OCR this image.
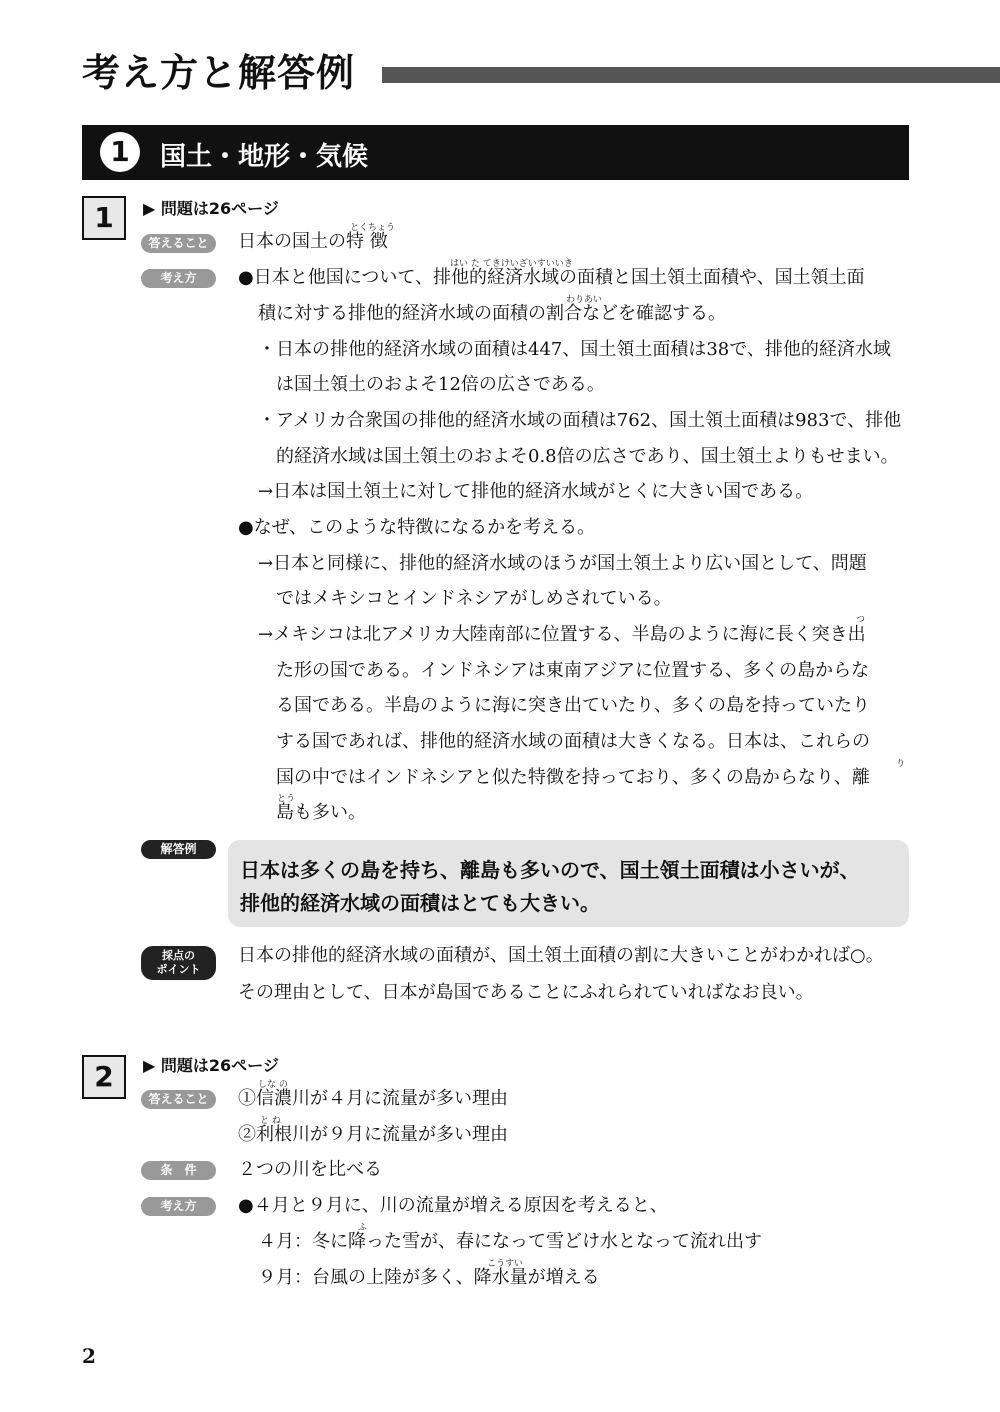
考え方と解答例
1	国土・地形・気候
1	▶ 問題は26ページ
答えること
とくちょう
日本の国土の特 徴
考え方
はい た てきけいざいすいいき
●日本と他国について、排他的経済水域の面積と国土領土面積や、国土領土面
わりあい
積に対する排他的経済水域の面積の割合などを確認する。
・日本の排他的経済水域の面積は447、国土領土面積は38で、排他的経済水域
は国土領土のおよそ12倍の広さである。
・アメリカ合衆国の排他的経済水域の面積は762、国土領土面積は983で、排他
的経済水域は国土領土のおよそ0.8倍の広さであり、国土領土よりもせまい。
→日本は国土領土に対して排他的経済水域がとくに大きい国である。
●なぜ、このような特徴になるかを考える。
→日本と同様に、排他的経済水域のほうが国土領土より広い国として、問題
ではメキシコとインドネシアがしめされている。
つ
→メキシコは北アメリカ大陸南部に位置する、半島のように海に長く突き出
た形の国である。インドネシアは東南アジアに位置する、多くの島からな
る国である。半島のように海に突き出ていたり、多くの島を持っていたり
する国であれば、排他的経済水域の面積は大きくなる。日本は、これらの
り
国の中ではインドネシアと似た特徴を持っており、多くの島からなり、離
とう
島も多い。
解答例
日本は多くの島を持ち、離島も多いので、国土領土面積は小さいが、
排他的経済水域の面積はとても大きい。
採点の
ポイント
日本の排他的経済水域の面積が、国土領土面積の割に大きいことがわかれば○。
その理由として、日本が島国であることにふれられていればなお良い。
2	▶ 問題は26ページ
答えること
しな の
①信濃川が４月に流量が多い理由
と ね
②利根川が９月に流量が多い理由
条　件	２つの川を比べる
考え方	●４月と９月に、川の流量が増える原因を考えると、
ふ
４月：冬に降った雪が、春になって雪どけ水となって流れ出す
こうすい
９月：台風の上陸が多く、降水量が増える
2
